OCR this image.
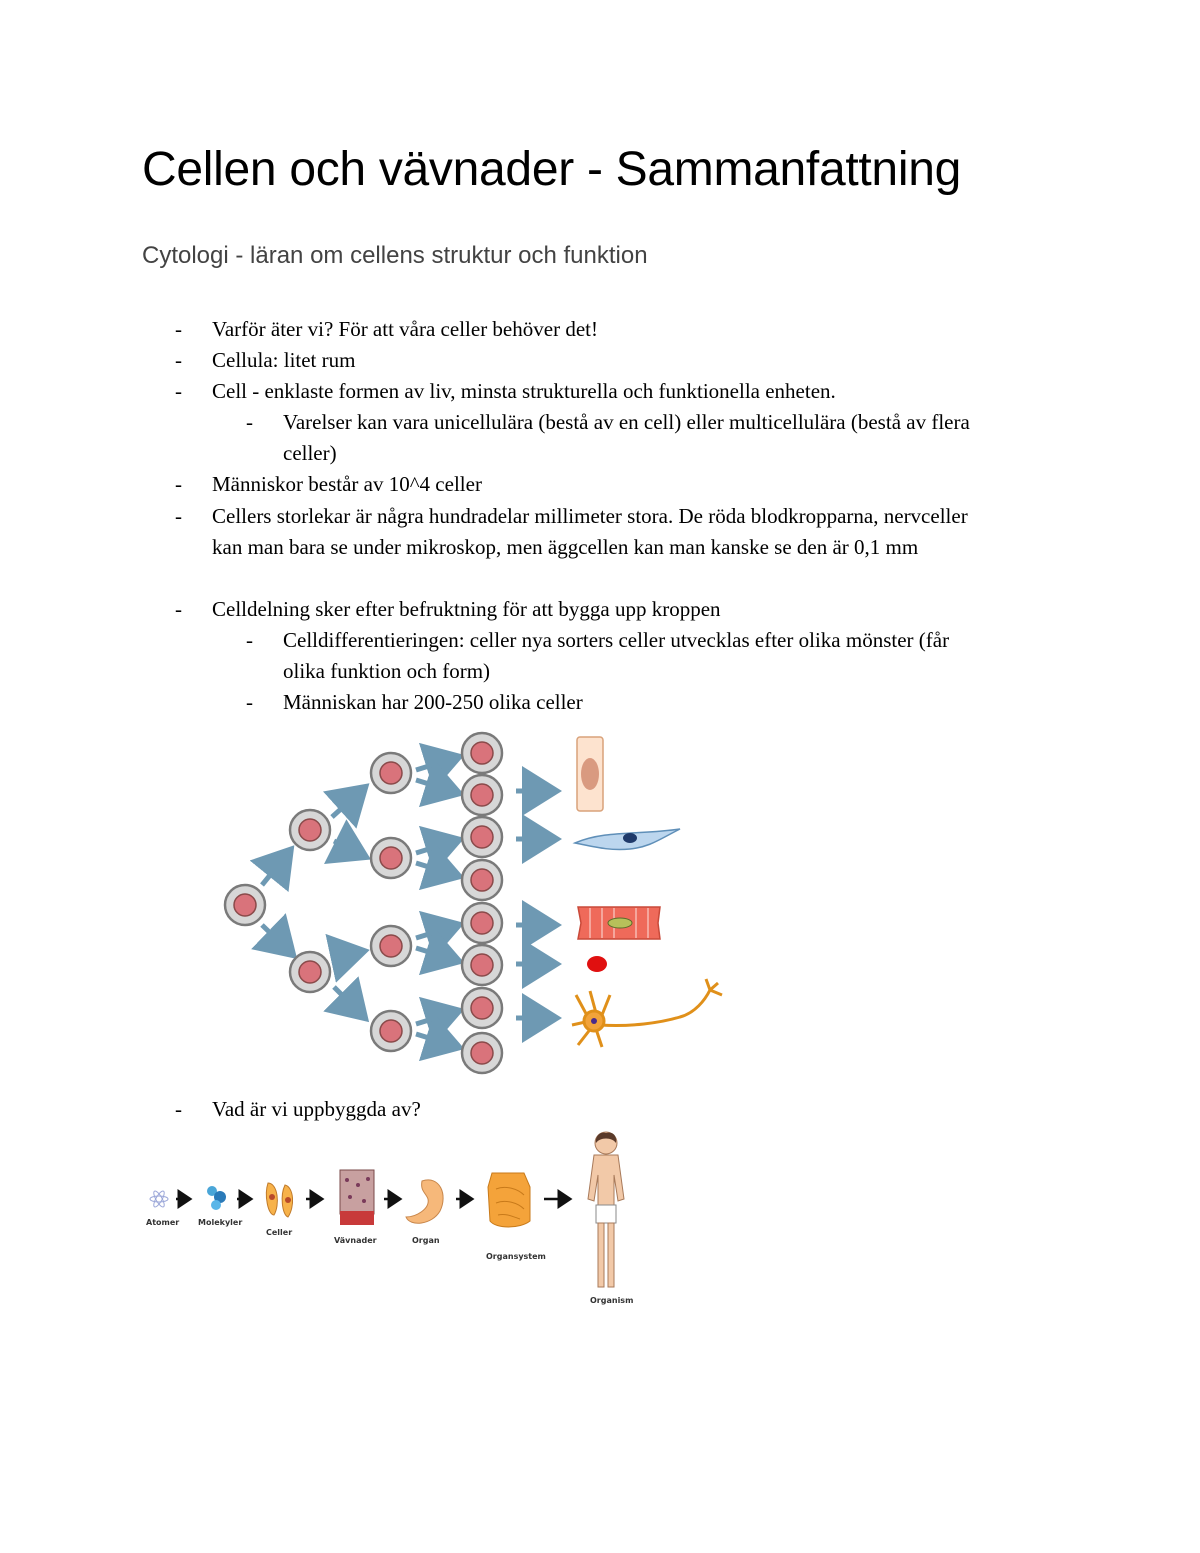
Cellen och vävnader - Sammanfattning
Cytologi - läran om cellens struktur och funktion
- Varför äter vi? För att våra celler behöver det!
- Cellula: litet rum
- Cell - enklaste formen av liv, minsta strukturella och funktionella enheten.
- Varelser kan vara unicellulära (bestå av en cell) eller multicellulära (bestå av flera
celler)
- Människor består av 10^4 celler
- Cellers storlekar är några hundradelar millimeter stora. De röda blodkropparna, nervceller
kan man bara se under mikroskop, men äggcellen kan man kanske se den är 0,1 mm
- Celldelning sker efter befruktning för att bygga upp kroppen
- Celldifferentieringen: celler nya sorters celler utvecklas efter olika mönster (får
olika funktion och form)
- Människan har 200-250 olika celler
- Vad är vi uppbyggda av?
Atomer Molekyler
Celler
Vävnader	Organ
Organsystem
Organism
